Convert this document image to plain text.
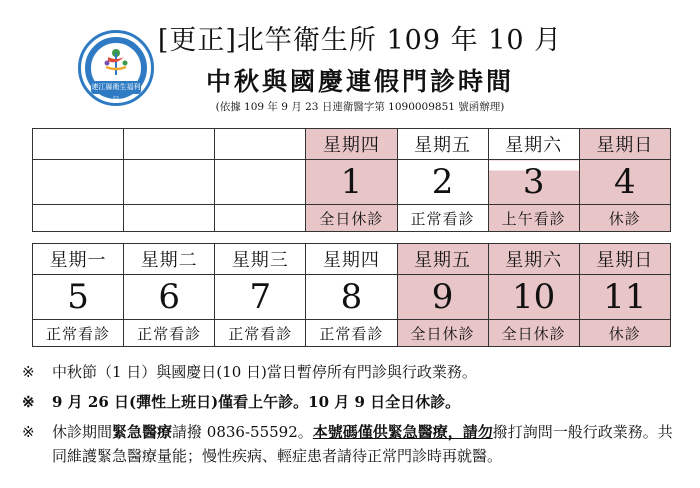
連江縣衛生福利局
[更正]北竿衛生所 109 年 10 月
中秋與國慶連假門診時間
(依據 109 年 9 月 23 日連衛醫字第 1090009851 號函辦理)
			星期四	星期五	星期六	星期日
			1	2	3	4
			全日休診	正常看診	上午看診	休診
星期一	星期二	星期三	星期四	星期五	星期六	星期日
5	6	7	8	9	10	11
正常看診	正常看診	正常看診	正常看診	全日休診	全日休診	休診
※ 中秋節（1 日）與國慶日(10 日)當日暫停所有門診與行政業務。
※ 9 月 26 日(彈性上班日)僅看上午診。10 月 9 日全日休診。
※ 休診期間緊急醫療請撥 0836-55592。本號碼僅供緊急醫療，請勿撥打詢問一般行政業務。共同維護緊急醫療量能；慢性疾病、輕症患者請待正常門診時再就醫。
